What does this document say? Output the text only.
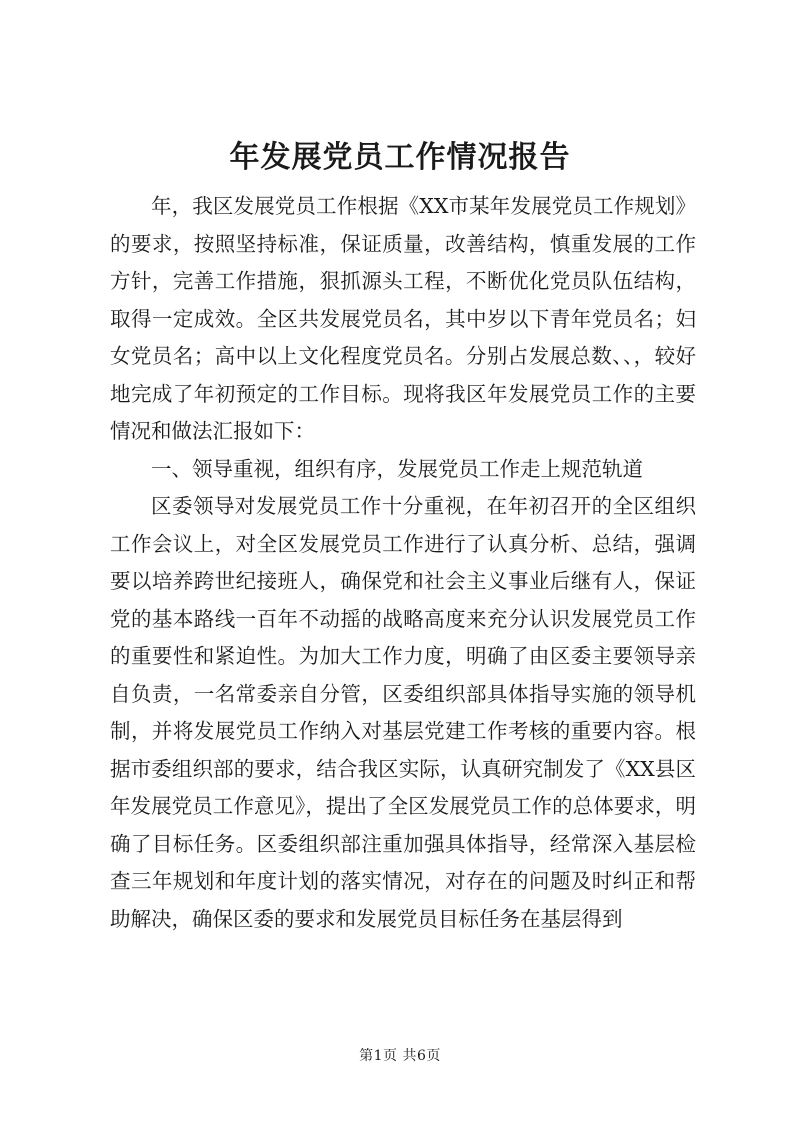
年发展党员工作情况报告

年，我区发展党员工作根据《XX市某年发展党员工作规划》的要求，按照坚持标准，保证质量，改善结构，慎重发展的工作方针，完善工作措施，狠抓源头工程，不断优化党员队伍结构，取得一定成效。全区共发展党员名，其中岁以下青年党员名；妇女党员名；高中以上文化程度党员名。分别占发展总数、、，较好地完成了年初预定的工作目标。现将我区年发展党员工作的主要情况和做法汇报如下：

一、领导重视，组织有序，发展党员工作走上规范轨道

区委领导对发展党员工作十分重视，在年初召开的全区组织工作会议上，对全区发展党员工作进行了认真分析、总结，强调要以培养跨世纪接班人，确保党和社会主义事业后继有人，保证党的基本路线一百年不动摇的战略高度来充分认识发展党员工作的重要性和紧迫性。为加大工作力度，明确了由区委主要领导亲自负责，一名常委亲自分管，区委组织部具体指导实施的领导机制，并将发展党员工作纳入对基层党建工作考核的重要内容。根据市委组织部的要求，结合我区实际，认真研究制发了《XX县区年发展党员工作意见》，提出了全区发展党员工作的总体要求，明确了目标任务。区委组织部注重加强具体指导，经常深入基层检查三年规划和年度计划的落实情况，对存在的问题及时纠正和帮助解决，确保区委的要求和发展党员目标任务在基层得到

第1页 共6页
